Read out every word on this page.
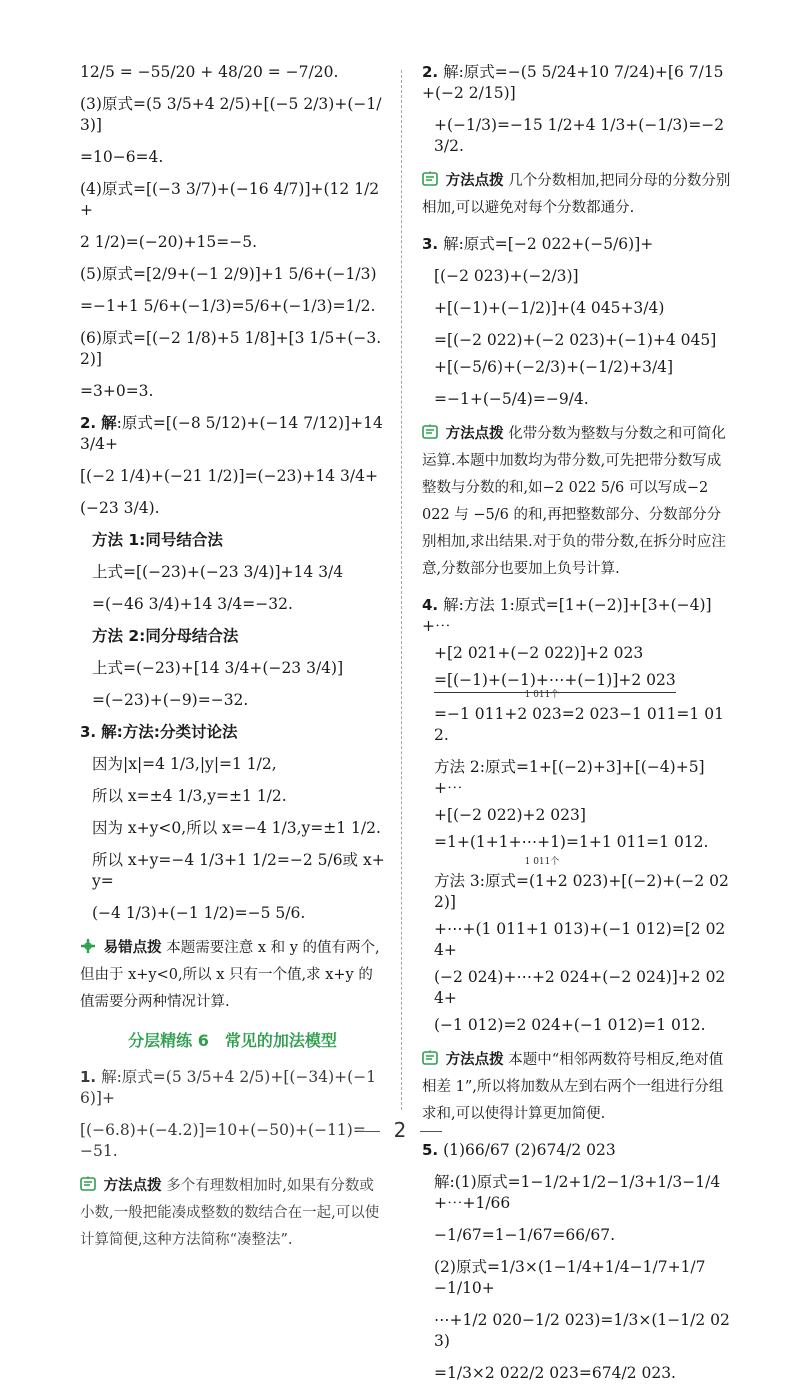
12/5 = −55/20 + 48/20 = −7/20.

(3)原式=(5 3/5+4 2/5)+[(−5 2/3)+(−1/3)]

=10−6=4.

(4)原式=[(−3 3/7)+(−16 4/7)]+(12 1/2+

2 1/2)=(−20)+15=−5.

(5)原式=[2/9+(−1 2/9)]+1 5/6+(−1/3)

=−1+1 5/6+(−1/3)=5/6+(−1/3)=1/2.

(6)原式=[(−2 1/8)+5 1/8]+[3 1/5+(−3.2)]

=3+0=3.

2. 解:原式=[(−8 5/12)+(−14 7/12)]+14 3/4+

[(−2 1/4)+(−21 1/2)]=(−23)+14 3/4+

(−23 3/4).

方法 1:同号结合法

上式=[(−23)+(−23 3/4)]+14 3/4

=(−46 3/4)+14 3/4=−32.

方法 2:同分母结合法

上式=(−23)+[14 3/4+(−23 3/4)]

=(−23)+(−9)=−32.

3. 解:方法:分类讨论法

因为|x|=4 1/3,|y|=1 1/2,

所以 x=±4 1/3,y=±1 1/2.

因为 x+y<0,所以 x=−4 1/3,y=±1 1/2.

所以 x+y=−4 1/3+1 1/2=−2 5/6或 x+y=

(−4 1/3)+(−1 1/2)=−5 5/6.

易错点拨 本题需要注意 x 和 y 的值有两个,但由于 x+y<0,所以 x 只有一个值,求 x+y 的值需要分两种情况计算.
分层精练 6 常见的加法模型

1. 解:原式=(5 3/5+4 2/5)+[(−34)+(−16)]+

[(−6.8)+(−4.2)]=10+(−50)+(−11)=−51.

方法点拨 多个有理数相加时,如果有分数或小数,一般把能凑成整数的数结合在一起,可以使计算简便,这种方法简称“凑整法”.

2. 解:原式=−(5 5/24+10 7/24)+[6 7/15+(−2 2/15)]

+(−1/3)=−15 1/2+4 1/3+(−1/3)=−23/2.

方法点拨 几个分数相加,把同分母的分数分别相加,可以避免对每个分数都通分.

3. 解:原式=[−2 022+(−5/6)]+

[(−2 023)+(−2/3)]

+[(−1)+(−1/2)]+(4 045+3/4)

=[(−2 022)+(−2 023)+(−1)+4 045]

+[(−5/6)+(−2/3)+(−1/2)+3/4]

=−1+(−5/4)=−9/4.

方法点拨 化带分数为整数与分数之和可简化运算.本题中加数均为带分数,可先把带分数写成整数与分数的和,如−2 022 5/6 可以写成−2 022 与 −5/6 的和,再把整数部分、分数部分分别相加,求出结果.对于负的带分数,在拆分时应注意,分数部分也要加上负号计算.

4. 解:方法 1:原式=[1+(−2)]+[3+(−4)]+⋯

+[2 021+(−2 022)]+2 023

=[(−1)+(−1)+⋯+(−1)]+2 023

1 011个

=−1 011+2 023=2 023−1 011=1 012.

方法 2:原式=1+[(−2)+3]+[(−4)+5]+⋯

+[(−2 022)+2 023]

=1+(1+1+⋯+1)=1+1 011=1 012.

1 011个

方法 3:原式=(1+2 023)+[(−2)+(−2 022)]

+⋯+(1 011+1 013)+(−1 012)=[2 024+

(−2 024)+⋯+2 024+(−2 024)]+2 024+

(−1 012)=2 024+(−1 012)=1 012.

方法点拨 本题中“相邻两数符号相反,绝对值相差 1”,所以将加数从左到右两个一组进行分组求和,可以使得计算更加简便.

5. (1)66/67 (2)674/2 023

解:(1)原式=1−1/2+1/2−1/3+1/3−1/4+⋯+1/66

−1/67=1−1/67=66/67.

(2)原式=1/3×(1−1/4+1/4−1/7+1/7−1/10+

⋯+1/2 020−1/2 023)=1/3×(1−1/2 023)

=1/3×2 022/2 023=674/2 023.

2
